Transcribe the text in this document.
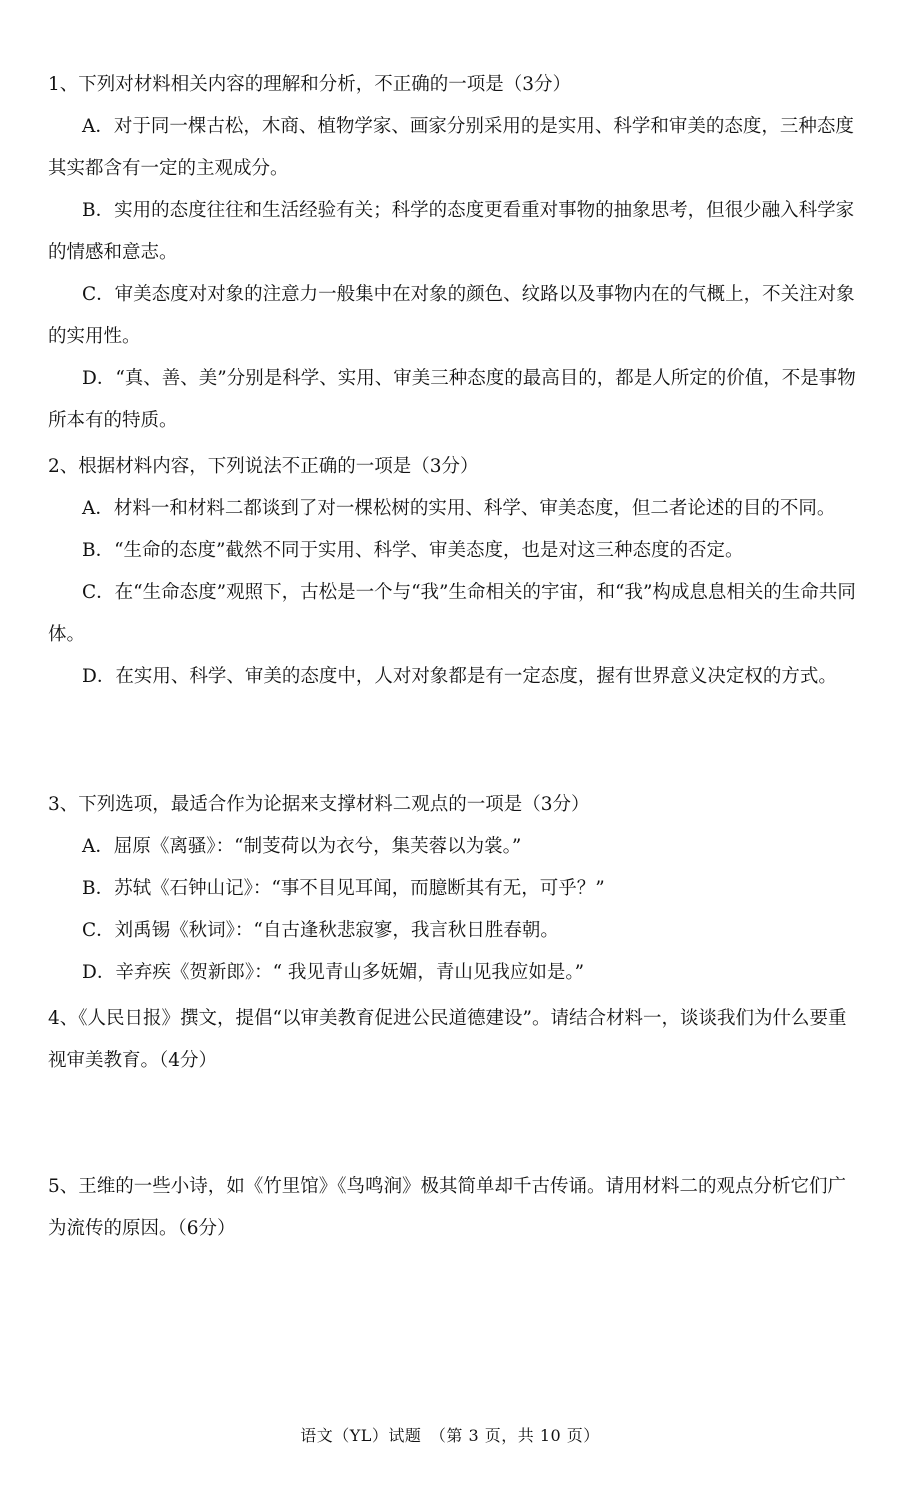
1、下列对材料相关内容的理解和分析，不正确的一项是（3分）

A．对于同一棵古松，木商、植物学家、画家分别采用的是实用、科学和审美的态度，三种态度其实都含有一定的主观成分。

B．实用的态度往往和生活经验有关；科学的态度更看重对事物的抽象思考，但很少融入科学家的情感和意志。

C．审美态度对对象的注意力一般集中在对象的颜色、纹路以及事物内在的气概上，不关注对象的实用性。

D．“真、善、美”分别是科学、实用、审美三种态度的最高目的，都是人所定的价值，不是事物所本有的特质。

2、根据材料内容，下列说法不正确的一项是（3分）

A．材料一和材料二都谈到了对一棵松树的实用、科学、审美态度，但二者论述的目的不同。

B．“生命的态度”截然不同于实用、科学、审美态度，也是对这三种态度的否定。

C．在“生命态度”观照下，古松是一个与“我”生命相关的宇宙，和“我”构成息息相关的生命共同体。

D．在实用、科学、审美的态度中，人对对象都是有一定态度，握有世界意义决定权的方式。

3、下列选项，最适合作为论据来支撑材料二观点的一项是（3分）

A．屈原《离骚》：“制芰荷以为衣兮，集芙蓉以为裳。”

B．苏轼《石钟山记》：“事不目见耳闻，而臆断其有无，可乎？”

C．刘禹锡《秋词》：“自古逢秋悲寂寥，我言秋日胜春朝。

D．辛弃疾《贺新郎》：“ 我见青山多妩媚，青山见我应如是。”

4、《人民日报》撰文，提倡“以审美教育促进公民道德建设”。请结合材料一，谈谈我们为什么要重视审美教育。（4分）

5、王维的一些小诗，如《竹里馆》《鸟鸣涧》极其简单却千古传诵。请用材料二的观点分析它们广为流传的原因。（6分）

语文（YL）试题　（第 3 页，共 10 页）
